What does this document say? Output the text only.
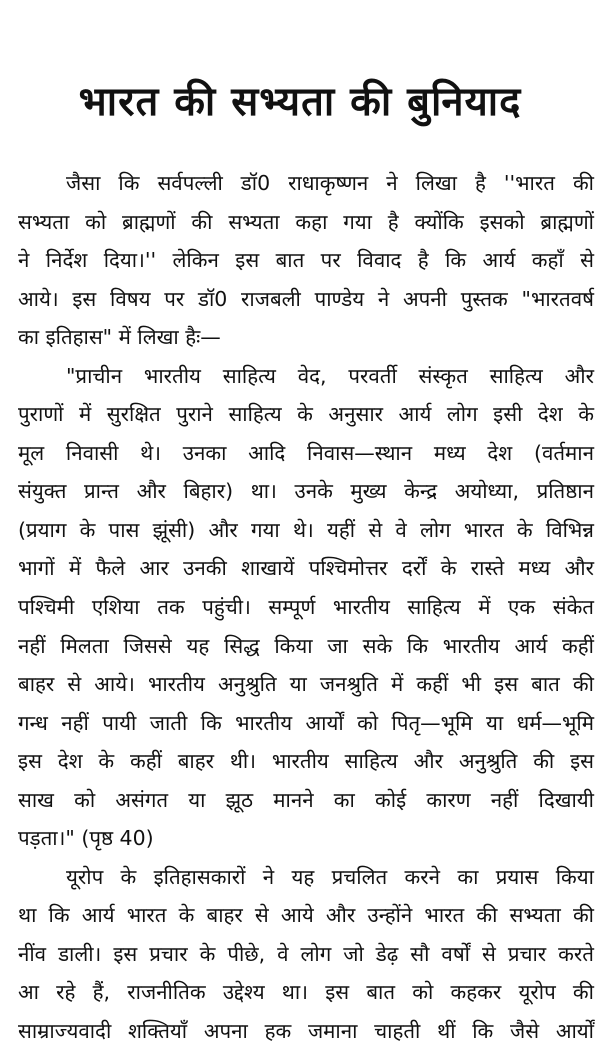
भारत की सभ्यता की बुनियाद
जैसा कि सर्वपल्ली डॉ0 राधाकृष्णन ने लिखा है ''भारत की
सभ्यता को ब्राह्मणों की सभ्यता कहा गया है क्योंकि इसको ब्राह्मणों
ने निर्देश दिया।'' लेकिन इस बात पर विवाद है कि आर्य कहाँ से
आये। इस विषय पर डॉ0 राजबली पाण्डेय ने अपनी पुस्तक "भारतवर्ष
का इतिहास" में लिखा हैः—
"प्राचीन भारतीय साहित्य वेद, परवर्ती संस्कृत साहित्य और
पुराणों में सुरक्षित पुराने साहित्य के अनुसार आर्य लोग इसी देश के
मूल निवासी थे। उनका आदि निवास—स्थान मध्य देश (वर्तमान
संयुक्त प्रान्त और बिहार) था। उनके मुख्य केन्द्र अयोध्या, प्रतिष्ठान
(प्रयाग के पास झूंसी) और गया थे। यहीं से वे लोग भारत के विभिन्न
भागों में फैले आर उनकी शाखायें पश्चिमोत्तर दर्रों के रास्ते मध्य और
पश्चिमी एशिया तक पहुंची। सम्पूर्ण भारतीय साहित्य में एक संकेत
नहीं मिलता जिससे यह सिद्ध किया जा सके कि भारतीय आर्य कहीं
बाहर से आये। भारतीय अनुश्रुति या जनश्रुति में कहीं भी इस बात की
गन्ध नहीं पायी जाती कि भारतीय आर्यों को पितृ—भूमि या धर्म—भूमि
इस देश के कहीं बाहर थी। भारतीय साहित्य और अनुश्रुति की इस
साख को असंगत या झूठ मानने का कोई कारण नहीं दिखायी
पड़ता।" (पृष्ठ 40)
यूरोप के इतिहासकारों ने यह प्रचलित करने का प्रयास किया
था कि आर्य भारत के बाहर से आये और उन्होंने भारत की सभ्यता की
नींव डाली। इस प्रचार के पीछे, वे लोग जो डेढ़ सौ वर्षों से प्रचार करते
आ रहे हैं, राजनीतिक उद्देश्य था। इस बात को कहकर यूरोप की
साम्राज्यवादी शक्तियाँ अपना हक जमाना चाहती थीं कि जैसे आर्यों
